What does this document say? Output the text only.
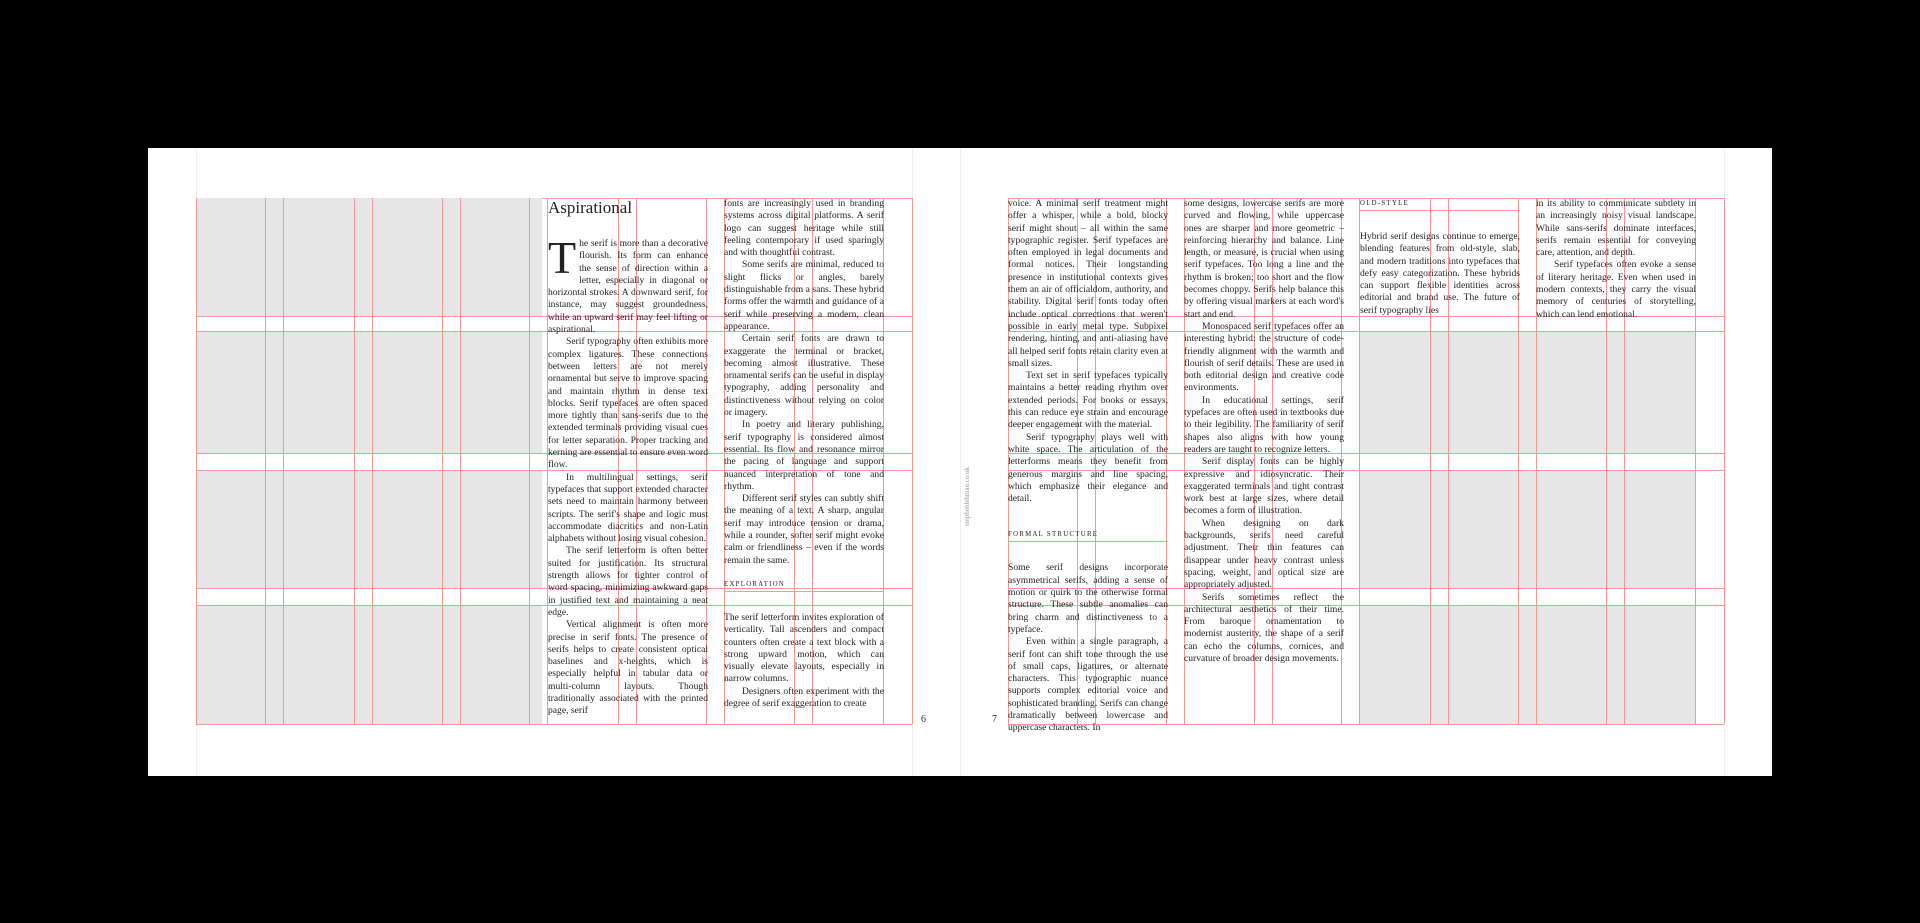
Aspirational

The serif is more than a decorative flourish. Its form can enhance the sense of direction within a letter, especially in diagonal or horizontal strokes. A downward serif, for instance, may suggest groundedness, while an upward serif may feel lifting or aspirational.

Serif typography often exhibits more complex ligatures. These connections between letters are not merely ornamental but serve to improve spacing and maintain rhythm in dense text blocks. Serif typefaces are often spaced more tightly than sans-serifs due to the extended terminals providing visual cues for letter separation. Proper tracking and kerning are essential to ensure even word flow.

In multilingual settings, serif typefaces that support extended character sets need to maintain harmony between scripts. The serif's shape and logic must accommodate diacritics and non-Latin alphabets without losing visual cohesion.

The serif letterform is often better suited for justification. Its structural strength allows for tighter control of word spacing, minimizing awkward gaps in justified text and maintaining a neat edge.

Vertical alignment is often more precise in serif fonts. The presence of serifs helps to create consistent optical baselines and x-heights, which is especially helpful in tabular data or multi-column layouts. Though traditionally associated with the printed page, serif

fonts are increasingly used in branding systems across digital platforms. A serif logo can suggest heritage while still feeling contemporary if used sparingly and with thoughtful contrast.

Some serifs are minimal, reduced to slight flicks or angles, barely distinguishable from a sans. These hybrid forms offer the warmth and guidance of a serif while preserving a modern, clean appearance.

Certain serif fonts are drawn to exaggerate the terminal or bracket, becoming almost illustrative. These ornamental serifs can be useful in display typography, adding personality and distinctiveness without relying on color or imagery.

In poetry and literary publishing, serif typography is considered almost essential. Its flow and resonance mirror the pacing of language and support nuanced interpretation of tone and rhythm.

Different serif styles can subtly shift the meaning of a text. A sharp, angular serif may introduce tension or drama, while a rounder, softer serif might evoke calm or friendliness – even if the words remain the same.

EXPLORATION

The serif letterform invites exploration of verticality. Tall ascenders and compact counters often create a text block with a strong upward motion, which can visually elevate layouts, especially in narrow columns.

Designers often experiment with the degree of serif exaggeration to create

6
stephenlehman.co.uk

voice. A minimal serif treatment might offer a whisper, while a bold, blocky serif might shout – all within the same typographic register. Serif typefaces are often employed in legal documents and formal notices. Their longstanding presence in institutional contexts gives them an air of officialdom, authority, and stability. Digital serif fonts today often include optical corrections that weren't possible in early metal type. Subpixel rendering, hinting, and anti-aliasing have all helped serif fonts retain clarity even at small sizes.

Text set in serif typefaces typically maintains a better reading rhythm over extended periods. For books or essays, this can reduce eye strain and encourage deeper engagement with the material.

Serif typography plays well with white space. The articulation of the letterforms means they benefit from generous margins and line spacing, which emphasize their elegance and detail.

FORMAL STRUCTURE

Some serif designs incorporate asymmetrical serifs, adding a sense of motion or quirk to the otherwise formal structure. These subtle anomalies can bring charm and distinctiveness to a typeface.

Even within a single paragraph, a serif font can shift tone through the use of small caps, ligatures, or alternate characters. This typographic nuance supports complex editorial voice and sophisticated branding. Serifs can change dramatically between lowercase and uppercase characters. In

some designs, lowercase serifs are more curved and flowing, while uppercase ones are sharper and more geometric – reinforcing hierarchy and balance. Line length, or measure, is crucial when using serif typefaces. Too long a line and the rhythm is broken; too short and the flow becomes choppy. Serifs help balance this by offering visual markers at each word's start and end.

Monospaced serif typefaces offer an interesting hybrid: the structure of code-friendly alignment with the warmth and flourish of serif details. These are used in both editorial design and creative code environments.

In educational settings, serif typefaces are often used in textbooks due to their legibility. The familiarity of serif shapes also aligns with how young readers are taught to recognize letters.

Serif display fonts can be highly expressive and idiosyncratic. Their exaggerated terminals and tight contrast work best at large sizes, where detail becomes a form of illustration.

When designing on dark backgrounds, serifs need careful adjustment. Their thin features can disappear under heavy contrast unless spacing, weight, and optical size are appropriately adjusted.

Serifs sometimes reflect the architectural aesthetics of their time. From baroque ornamentation to modernist austerity, the shape of a serif can echo the columns, cornices, and curvature of broader design movements.

OLD-STYLE

Hybrid serif designs continue to emerge, blending features from old-style, slab, and modern traditions into typefaces that defy easy categorization. These hybrids can support flexible identities across editorial and brand use. The future of serif typography lies

in its ability to communicate subtlety in an increasingly noisy visual landscape. While sans-serifs dominate interfaces, serifs remain essential for conveying care, attention, and depth.

Serif typefaces often evoke a sense of literary heritage. Even when used in modern contexts, they carry the visual memory of centuries of storytelling, which can lend emotional.

7
